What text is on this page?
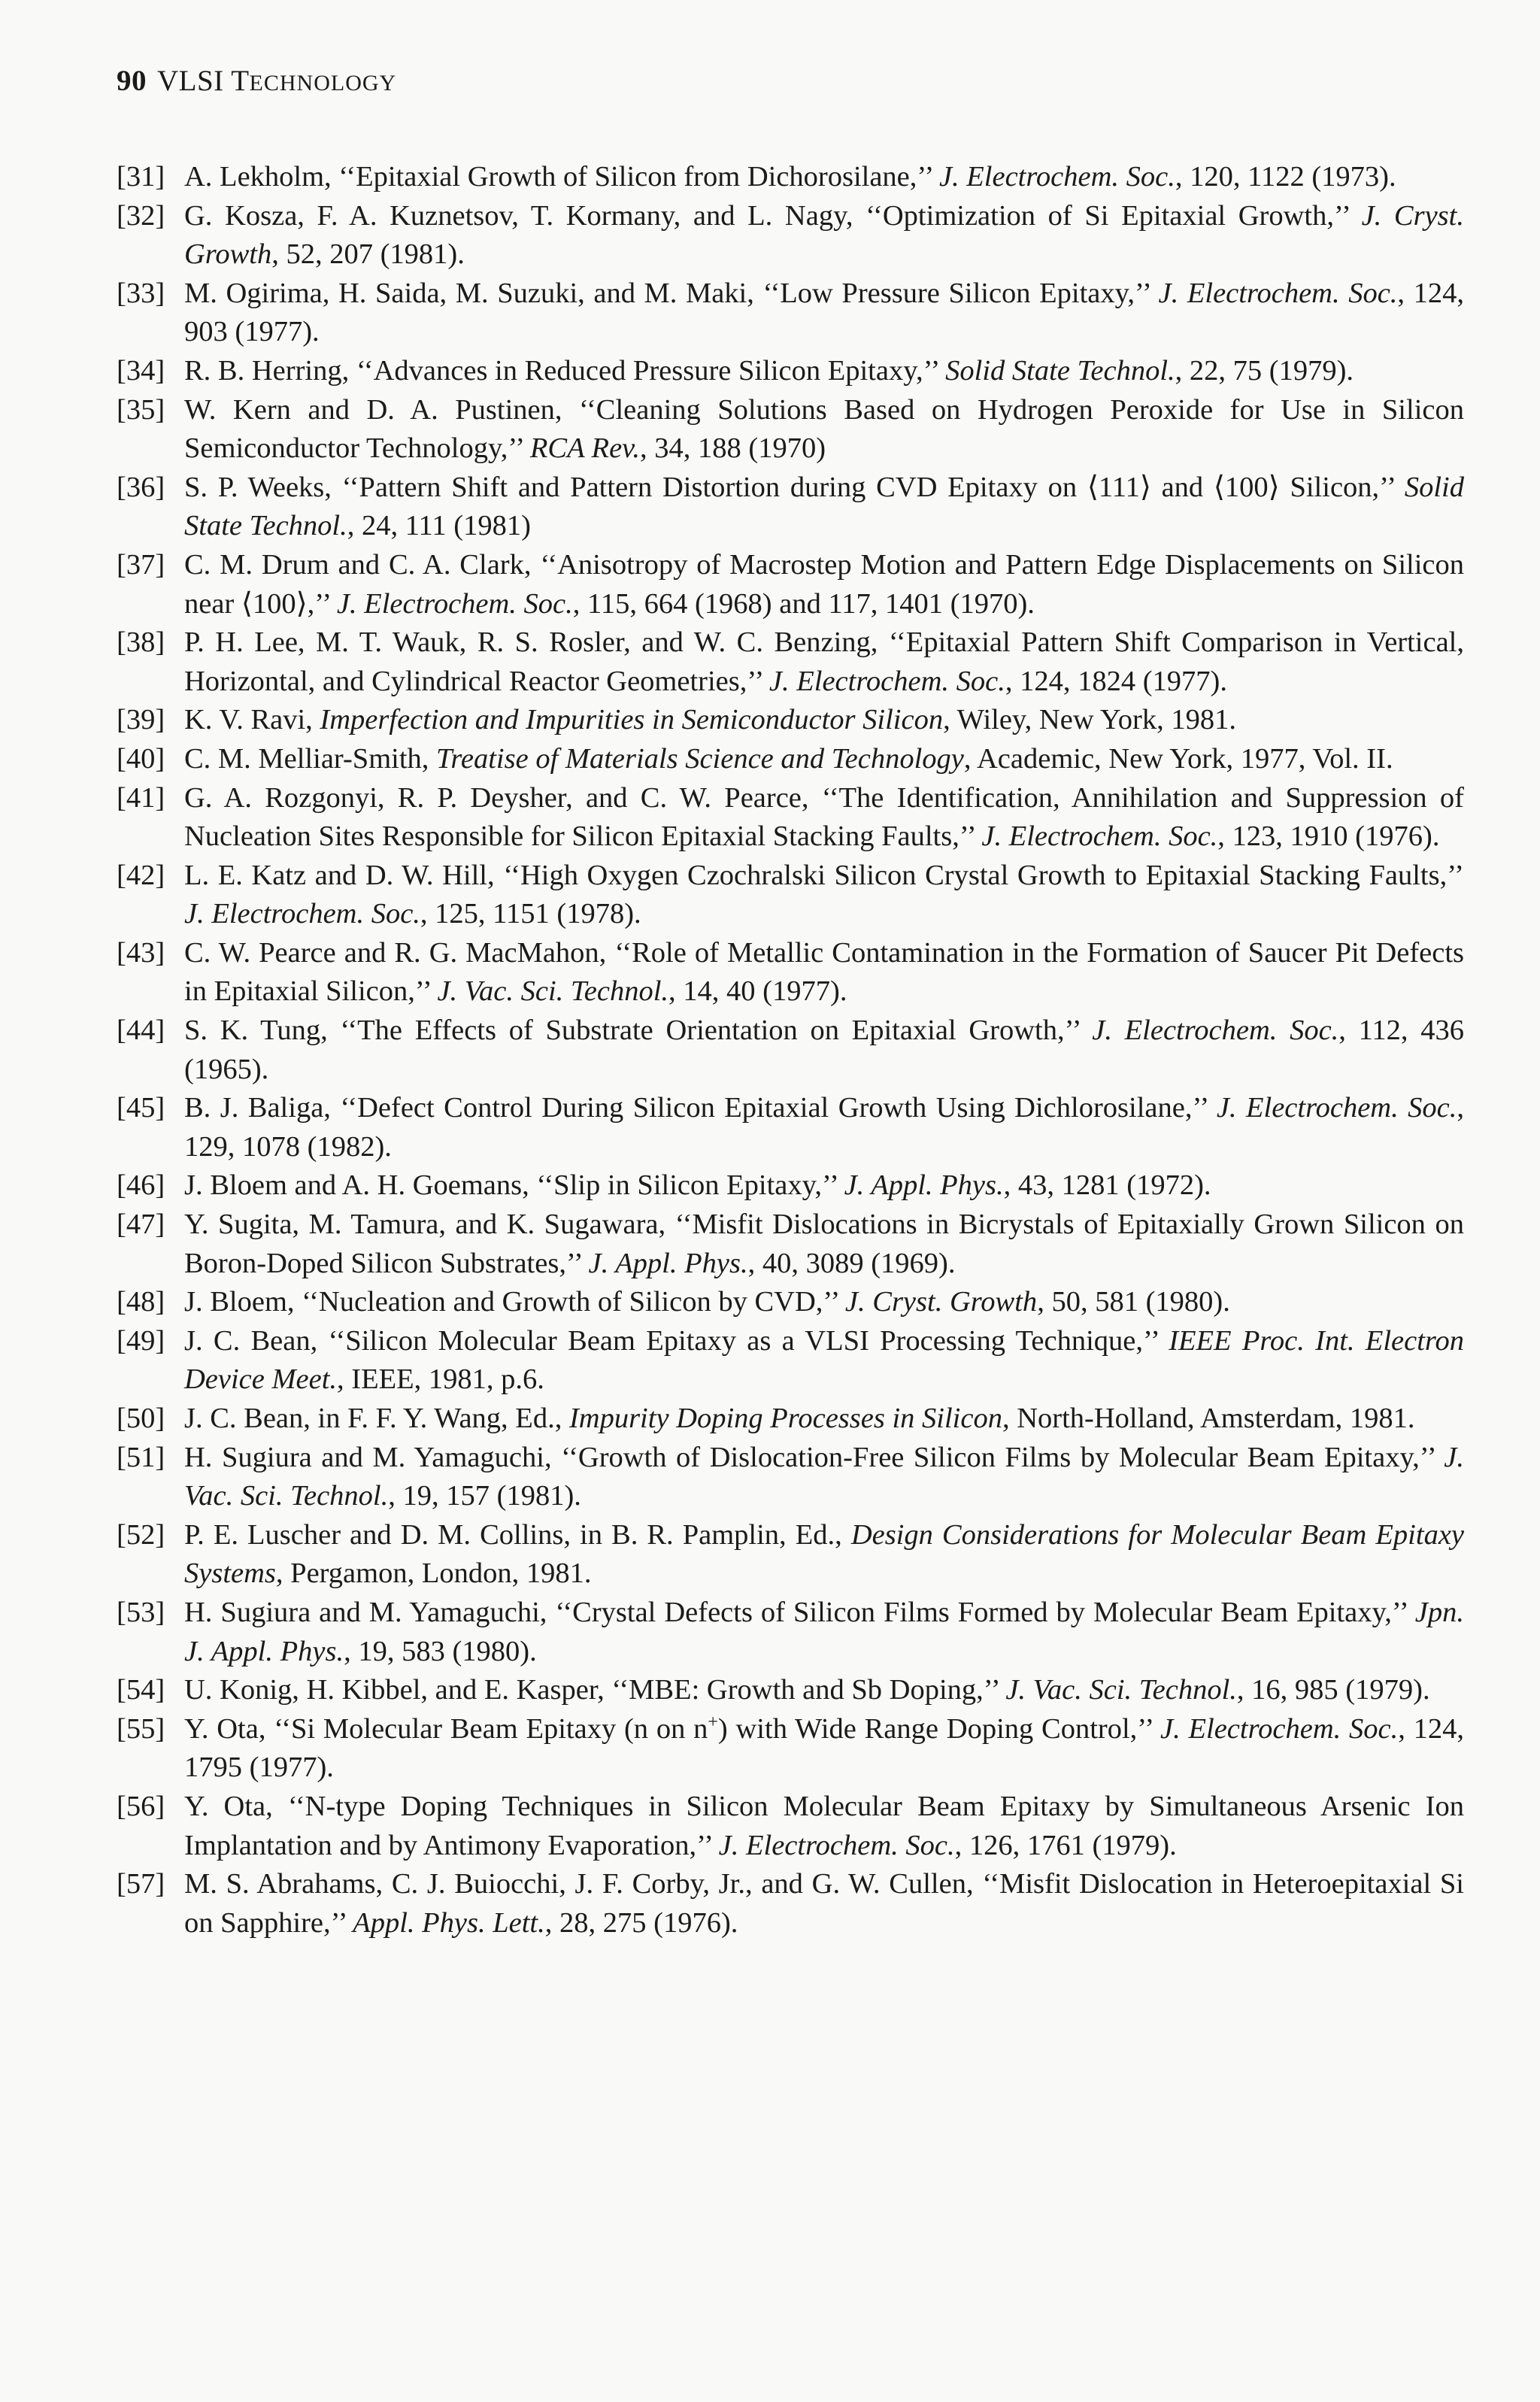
90 VLSI TECHNOLOGY
[31] A. Lekholm, ‘‘Epitaxial Growth of Silicon from Dichorosilane,’’ J. Electrochem. Soc., 120, 1122 (1973).
[32] G. Kosza, F. A. Kuznetsov, T. Kormany, and L. Nagy, ‘‘Optimization of Si Epitaxial Growth,’’ J. Cryst. Growth, 52, 207 (1981).
[33] M. Ogirima, H. Saida, M. Suzuki, and M. Maki, ‘‘Low Pressure Silicon Epitaxy,’’ J. Electrochem. Soc., 124, 903 (1977).
[34] R. B. Herring, ‘‘Advances in Reduced Pressure Silicon Epitaxy,’’ Solid State Technol., 22, 75 (1979).
[35] W. Kern and D. A. Pustinen, ‘‘Cleaning Solutions Based on Hydrogen Peroxide for Use in Silicon Semiconductor Technology,’’ RCA Rev., 34, 188 (1970)
[36] S. P. Weeks, ‘‘Pattern Shift and Pattern Distortion during CVD Epitaxy on ⟨111⟩ and ⟨100⟩ Silicon,’’ Solid State Technol., 24, 111 (1981)
[37] C. M. Drum and C. A. Clark, ‘‘Anisotropy of Macrostep Motion and Pattern Edge Displacements on Silicon near ⟨100⟩,’’ J. Electrochem. Soc., 115, 664 (1968) and 117, 1401 (1970).
[38] P. H. Lee, M. T. Wauk, R. S. Rosler, and W. C. Benzing, ‘‘Epitaxial Pattern Shift Comparison in Vertical, Horizontal, and Cylindrical Reactor Geometries,’’ J. Electrochem. Soc., 124, 1824 (1977).
[39] K. V. Ravi, Imperfection and Impurities in Semiconductor Silicon, Wiley, New York, 1981.
[40] C. M. Melliar-Smith, Treatise of Materials Science and Technology, Academic, New York, 1977, Vol. II.
[41] G. A. Rozgonyi, R. P. Deysher, and C. W. Pearce, ‘‘The Identification, Annihilation and Suppression of Nucleation Sites Responsible for Silicon Epitaxial Stacking Faults,’’ J. Electrochem. Soc., 123, 1910 (1976).
[42] L. E. Katz and D. W. Hill, ‘‘High Oxygen Czochralski Silicon Crystal Growth to Epitaxial Stacking Faults,’’ J. Electrochem. Soc., 125, 1151 (1978).
[43] C. W. Pearce and R. G. MacMahon, ‘‘Role of Metallic Contamination in the Formation of Saucer Pit Defects in Epitaxial Silicon,’’ J. Vac. Sci. Technol., 14, 40 (1977).
[44] S. K. Tung, ‘‘The Effects of Substrate Orientation on Epitaxial Growth,’’ J. Electrochem. Soc., 112, 436 (1965).
[45] B. J. Baliga, ‘‘Defect Control During Silicon Epitaxial Growth Using Dichlorosilane,’’ J. Electrochem. Soc., 129, 1078 (1982).
[46] J. Bloem and A. H. Goemans, ‘‘Slip in Silicon Epitaxy,’’ J. Appl. Phys., 43, 1281 (1972).
[47] Y. Sugita, M. Tamura, and K. Sugawara, ‘‘Misfit Dislocations in Bicrystals of Epitaxially Grown Silicon on Boron-Doped Silicon Substrates,’’ J. Appl. Phys., 40, 3089 (1969).
[48] J. Bloem, ‘‘Nucleation and Growth of Silicon by CVD,’’ J. Cryst. Growth, 50, 581 (1980).
[49] J. C. Bean, ‘‘Silicon Molecular Beam Epitaxy as a VLSI Processing Technique,’’ IEEE Proc. Int. Electron Device Meet., IEEE, 1981, p.6.
[50] J. C. Bean, in F. F. Y. Wang, Ed., Impurity Doping Processes in Silicon, North-Holland, Amsterdam, 1981.
[51] H. Sugiura and M. Yamaguchi, ‘‘Growth of Dislocation-Free Silicon Films by Molecular Beam Epitaxy,’’ J. Vac. Sci. Technol., 19, 157 (1981).
[52] P. E. Luscher and D. M. Collins, in B. R. Pamplin, Ed., Design Considerations for Molecular Beam Epitaxy Systems, Pergamon, London, 1981.
[53] H. Sugiura and M. Yamaguchi, ‘‘Crystal Defects of Silicon Films Formed by Molecular Beam Epitaxy,’’ Jpn. J. Appl. Phys., 19, 583 (1980).
[54] U. Konig, H. Kibbel, and E. Kasper, ‘‘MBE: Growth and Sb Doping,’’ J. Vac. Sci. Technol., 16, 985 (1979).
[55] Y. Ota, ‘‘Si Molecular Beam Epitaxy (n on n+) with Wide Range Doping Control,’’ J. Electrochem. Soc., 124, 1795 (1977).
[56] Y. Ota, ‘‘N-type Doping Techniques in Silicon Molecular Beam Epitaxy by Simultaneous Arsenic Ion Implantation and by Antimony Evaporation,’’ J. Electrochem. Soc., 126, 1761 (1979).
[57] M. S. Abrahams, C. J. Buiocchi, J. F. Corby, Jr., and G. W. Cullen, ‘‘Misfit Dislocation in Heteroepitaxial Si on Sapphire,’’ Appl. Phys. Lett., 28, 275 (1976).
